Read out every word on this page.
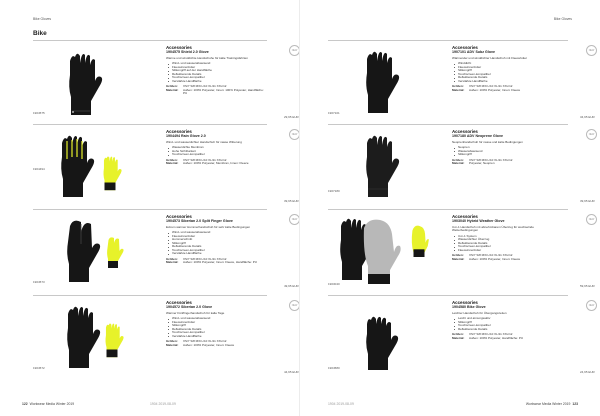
Bike Gloves
Bike
1904575
Accessories
1904575 Shield 2.0 Glove
Warme und winddichte Handschuhe für kalte Trainingsfahrten
Wind- und wasserabweisend
Fleeceinnenfutter
Silikongriff auf der Handfläche
Reflektierende Details
Touchscreen-kompatibel
Verstärkte Handfläche
Größen:	XS/7 S/8 M/9 L/10 XL/11 XXL/12
Material:	Außen: 100% Polyester, Innen: 100% Polyester, Handfläche: PU
NEW
29,95 EUR
1904494
Accessories
1904494 Rain Glove 2.0
Wind- und wasserdichter Handschuh für nasse Witterung
Wasserdichte Membran
Hohe Sichtbarkeit
Touchscreen-kompatibel
Größen:	XS/7 S/8 M/9 L/10 XL/11 XXL/12
Material:	Außen: 100% Polyester, Membran, Innen: Fleece
NEW
39,95 EUR
1904573
Accessories
1904573 Siberian 2.0 Split Finger Glove
Extrem warmer Hummerhandschuh für sehr kalte Bedingungen
Wind- und wasserabweisend
Fleeceinnenfutter
Hummerschnitt
Silikongriff
Reflektierende Details
Touchscreen-kompatibel
Verstärkte Handfläche
Größen:	XS/7 S/8 M/9 L/10 XL/11 XXL/12
Material:	Außen: 100% Polyester, Innen: Fleece, Handfläche: PU
NEW
49,95 EUR
1904572
Accessories
1904572 Siberian 2.0 Glove
Warmer Fünffingerhandschuh für kalte Tage
Wind- und wasserabweisend
Fleeceinnenfutter
Silikongriff
Reflektierende Details
Touchscreen-kompatibel
Verstärkte Handfläche
Größen:	XS/7 S/8 M/9 L/10 XL/11 XXL/12
Material:	Außen: 100% Polyester, Innen: Fleece
NEW
44,95 EUR
122 Workwear Media Winter 2019	1904 2019-08-09
Bike Gloves
1907101
Accessories
1907101 ADV Subz Glove
Wärmender und winddichter Handschuh mit Fleecefutter
Winddicht
Fleeceinnenfutter
Silikongriff
Touchscreen-kompatibel
Reflektierende Details
Verstärkte Handfläche
Größen:	XS/7 S/8 M/9 L/10 XL/11 XXL/12
Material:	Außen: 100% Polyester, Innen: Fleece
NEW
34,95 EUR
1907180
Accessories
1907180 ADV Neoprene Glove
Neoprenhandschuh für nasse und kalte Bedingungen
Neopren
Wasserabweisend
Silikongriff
Größen:	XS/7 S/8 M/9 L/10 XL/11 XXL/12
Material:	Polyester, Neopren
NEW
39,95 EUR
1903040
Accessories
1903040 Hybrid Weather Glove
3-in-1 Handschuh mit abnehmbarem Überzug für wechselnde Wetterbedingungen
3-in-1 System
Wasserdichter Überzug
Reflektierende Details
Touchscreen-kompatibel
Fleeceinnenfutter
Größen:	XS/7 S/8 M/9 L/10 XL/11 XXL/12
Material:	Außen: 100% Polyester, Innen: Fleece
NEW
59,95 EUR
1904580
Accessories
1904580 Bike Glove
Leichter Handschuh für Übergangszeiten
Leicht und atmungsaktiv
Silikongriff
Touchscreen-kompatibel
Reflektierende Details
Größen:	XS/7 S/8 M/9 L/10 XL/11 XXL/12
Material:	Außen: 100% Polyester, Handfläche: PU
NEW
24,95 EUR
1904 2019-08-09	Workwear Media Winter 2019 123
